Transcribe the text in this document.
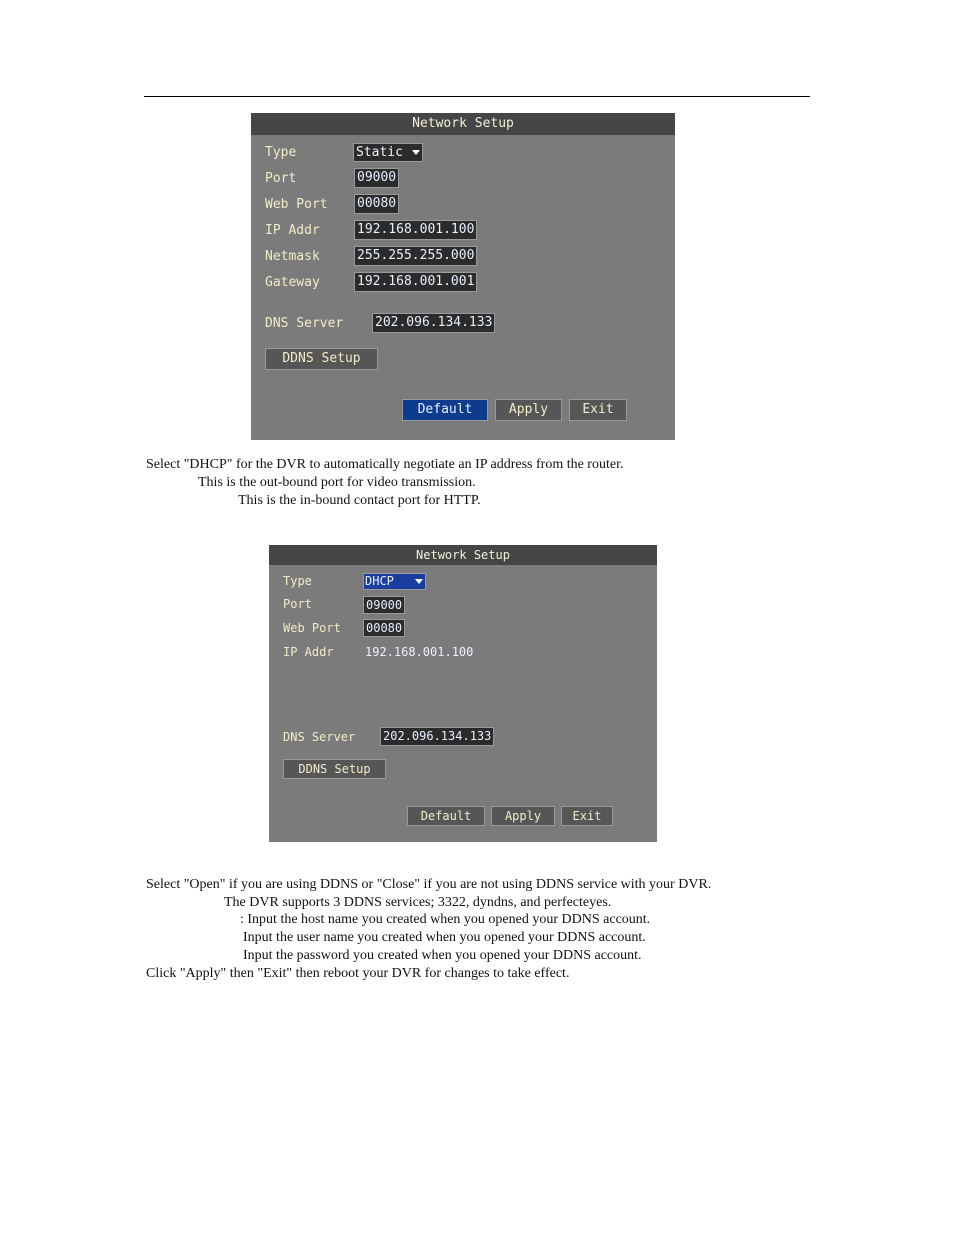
Network Setup
Type	Static
Port	09000
Web Port 00080
IP Addr	192.168.001.100
Netmask	255.255.255.000
Gateway	192.168.001.001
DNS Server 202.096.134.133
DDNS Setup
Default	Apply	Exit
Select "DHCP" for the DVR to automatically negotiate an IP address from the router.
This is the out-bound port for video transmission.
This is the in-bound contact port for HTTP.
Network Setup
Type	DHCP
Port	09000
Web Port 00080
IP Addr	192.168.001.100
DNS Server 202.096.134.133
DDNS Setup
Default	Apply	Exit
Select "Open" if you are using DDNS or "Close" if you are not using DDNS service with your DVR.
The DVR supports 3 DDNS services; 3322, dyndns, and perfecteyes.
: Input the host name you created when you opened your DDNS account.
Input the user name you created when you opened your DDNS account.
Input the password you created when you opened your DDNS account.
Click "Apply" then "Exit" then reboot your DVR for changes to take effect.
